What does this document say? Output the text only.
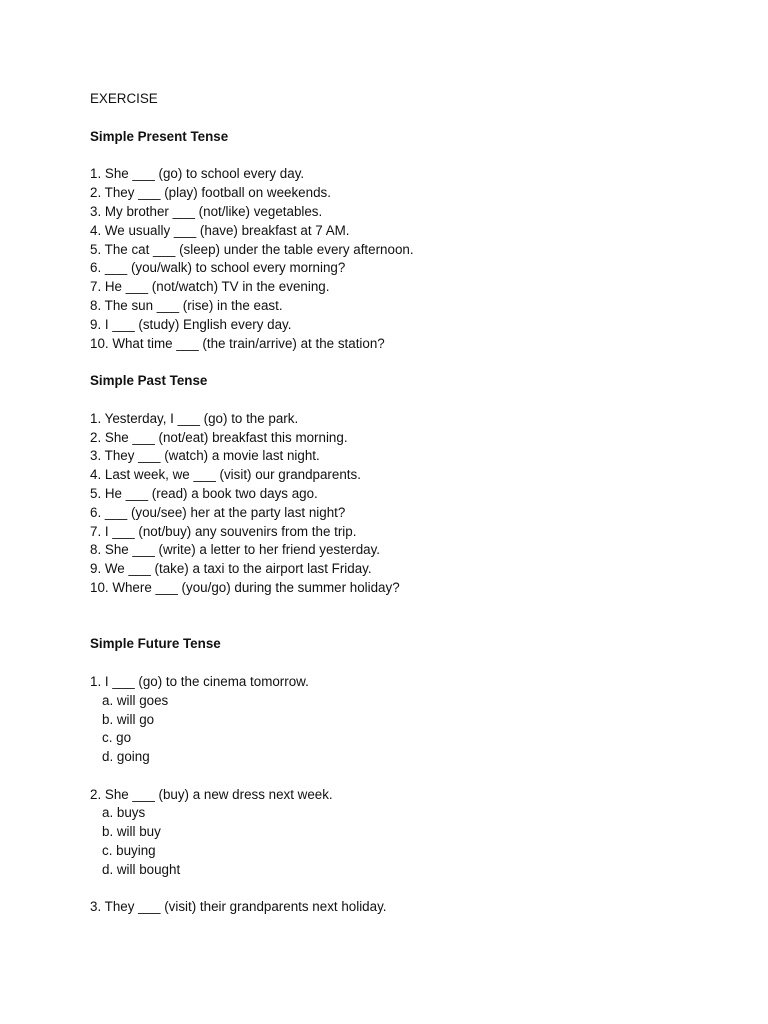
EXERCISE

Simple Present Tense

1. She ___ (go) to school every day.
2. They ___ (play) football on weekends.
3. My brother ___ (not/like) vegetables.
4. We usually ___ (have) breakfast at 7 AM.
5. The cat ___ (sleep) under the table every afternoon.
6. ___ (you/walk) to school every morning?
7. He ___ (not/watch) TV in the evening.
8. The sun ___ (rise) in the east.
9. I ___ (study) English every day.
10. What time ___ (the train/arrive) at the station?

Simple Past Tense

1. Yesterday, I ___ (go) to the park.
2. She ___ (not/eat) breakfast this morning.
3. They ___ (watch) a movie last night.
4. Last week, we ___ (visit) our grandparents.
5. He ___ (read) a book two days ago.
6. ___ (you/see) her at the party last night?
7. I ___ (not/buy) any souvenirs from the trip.
8. She ___ (write) a letter to her friend yesterday.
9. We ___ (take) a taxi to the airport last Friday.
10. Where ___ (you/go) during the summer holiday?

Simple Future Tense

1. I ___ (go) to the cinema tomorrow.

a. will goes
b. will go
c. go
d. going

2. She ___ (buy) a new dress next week.

a. buys
b. will buy
c. buying
d. will bought

3. They ___ (visit) their grandparents next holiday.
